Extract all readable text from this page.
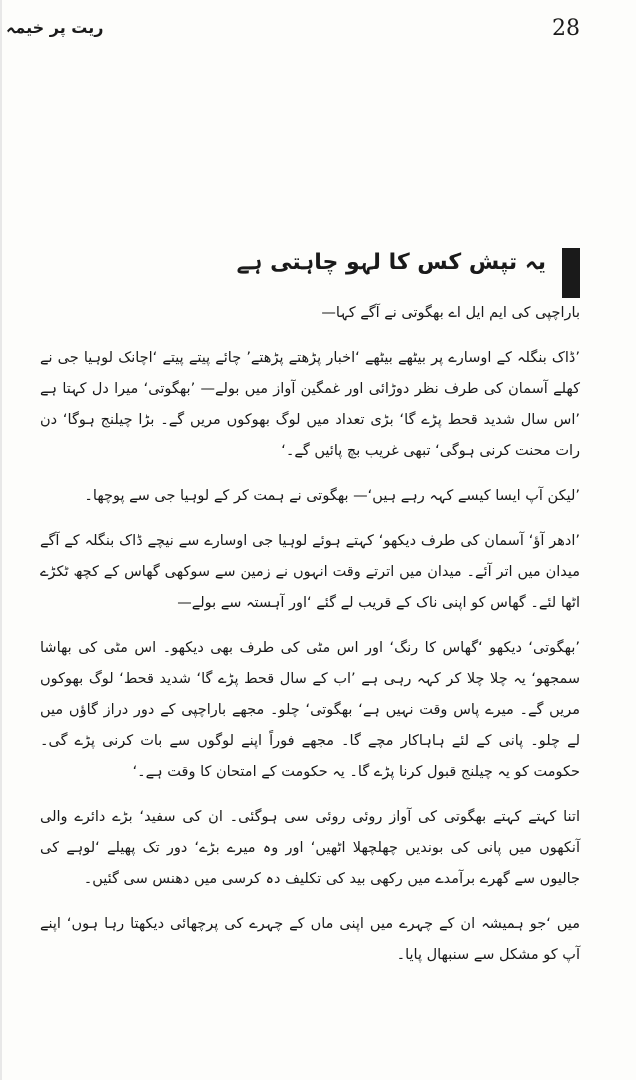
ریت پر خیمہ	28
یہ تپش کس کا لہو چاہتی ہے

باراچپی کی ایم ایل اے بھگوتی نے آگے کہا—

’ڈاک بنگلہ کے اوسارے پر بیٹھے بیٹھے ‘اخبار پڑھتے پڑھتے’ چائے پیتے پیتے ‘اچانک لوہیا جی نے کھلے آسمان کی طرف نظر دوڑائی اور غمگین آواز میں بولے— ’بھگوتی‘ میرا دل کہتا ہے ’اس سال شدید قحط پڑے گا‘ بڑی تعداد میں لوگ بھوکوں مریں گے۔ بڑا چیلنج ہوگا‘ دن رات محنت کرنی ہوگی‘ تبھی غریب بچ پائیں گے۔‘

’لیکن آپ ایسا کیسے کہہ رہے ہیں‘— بھگوتی نے ہمت کر کے لوہیا جی سے پوچھا۔

’ادھر آؤ‘ آسمان کی طرف دیکھو‘ کہتے ہوئے لوہیا جی اوسارے سے نیچے ڈاک بنگلہ کے آگے میدان میں اتر آئے۔ میدان میں اترتے وقت انہوں نے زمین سے سوکھی گھاس کے کچھ ٹکڑے اٹھا لئے۔ گھاس کو اپنی ناک کے قریب لے گئے ‘اور آہستہ سے بولے—

’بھگوتی‘ دیکھو ‘گھاس کا رنگ‘ اور اس مٹی کی طرف بھی دیکھو۔ اس مٹی کی بھاشا سمجھو‘ یہ چلا چلا کر کہہ رہی ہے ’اب کے سال قحط پڑے گا‘ شدید قحط‘ لوگ بھوکوں مریں گے۔ میرے پاس وقت نہیں ہے‘ بھگوتی‘ چلو۔ مجھے باراچپی کے دور دراز گاؤں میں لے چلو۔ پانی کے لئے ہاہاکار مچے گا۔ مجھے فوراً اپنے لوگوں سے بات کرنی پڑے گی۔ حکومت کو یہ چیلنج قبول کرنا پڑے گا۔ یہ حکومت کے امتحان کا وقت ہے۔‘

اتنا کہتے کہتے بھگوتی کی آواز روئی روئی سی ہوگئی۔ ان کی سفید‘ بڑے دائرے والی آنکھوں میں پانی کی بوندیں چھلچھلا اٹھیں‘ اور وہ میرے بڑے‘ دور تک پھیلے ‘لوہے کی جالیوں سے گھرے برآمدے میں رکھی بید کی تکلیف دہ کرسی میں دھنس سی گئیں۔

میں ‘جو ہمیشہ ان کے چہرے میں اپنی ماں کے چہرے کی پرچھائی دیکھتا رہا ہوں‘ اپنے آپ کو مشکل سے سنبھال پایا۔
